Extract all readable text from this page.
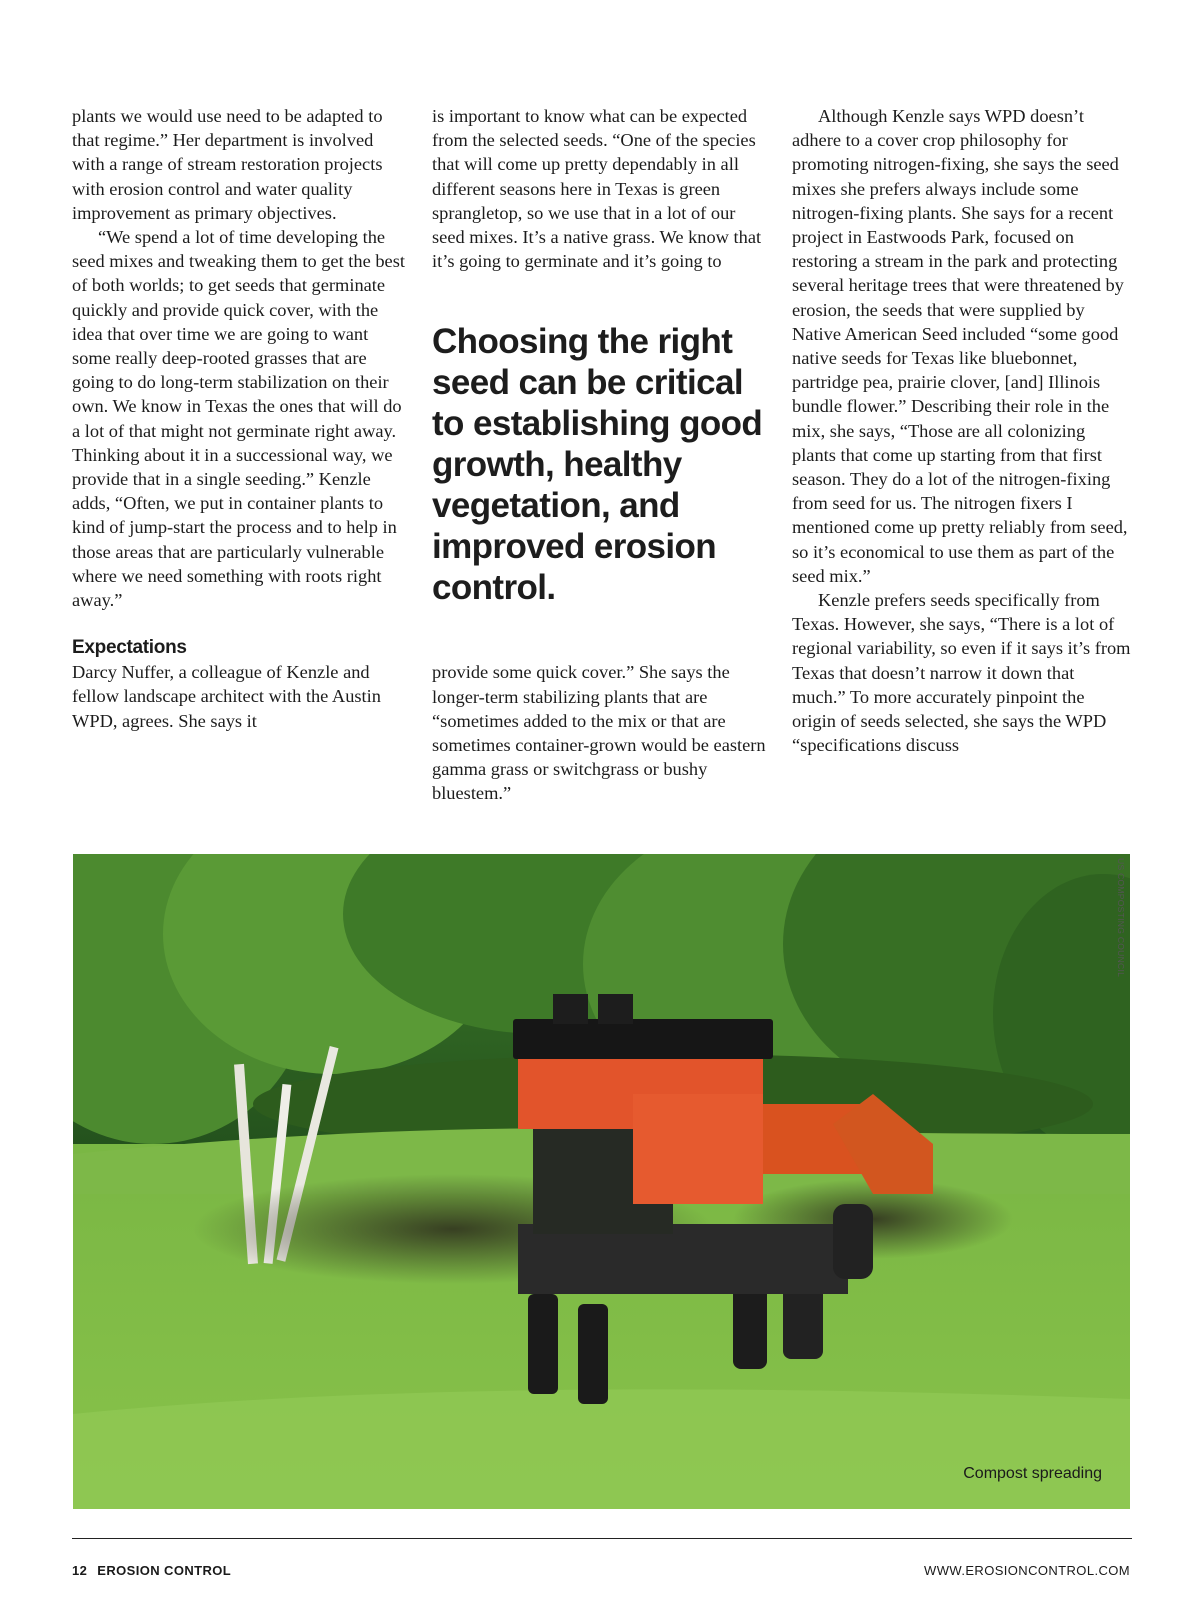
plants we would use need to be adapted to that regime.” Her department is involved with a range of stream restoration projects with erosion control and water quality improvement as primary objectives.

“We spend a lot of time developing the seed mixes and tweaking them to get the best of both worlds; to get seeds that germinate quickly and provide quick cover, with the idea that over time we are going to want some really deep-rooted grasses that are going to do long-term stabilization on their own. We know in Texas the ones that will do a lot of that might not germinate right away. Thinking about it in a successional way, we provide that in a single seeding.” Kenzle adds, “Often, we put in container plants to kind of jump-start the process and to help in those areas that are particularly vulnerable where we need something with roots right away.”

Expectations

Darcy Nuffer, a colleague of Kenzle and fellow landscape architect with the Austin WPD, agrees. She says it

is important to know what can be expected from the selected seeds. “One of the species that will come up pretty dependably in all different seasons here in Texas is green sprangletop, so we use that in a lot of our seed mixes. It’s a native grass. We know that it’s going to germinate and it’s going to

Choosing the right seed can be critical to establishing good growth, healthy vegetation, and improved erosion control.

provide some quick cover.” She says the longer-term stabilizing plants that are “sometimes added to the mix or that are sometimes container-grown would be eastern gamma grass or switchgrass or bushy bluestem.”

Although Kenzle says WPD doesn’t adhere to a cover crop philosophy for promoting nitrogen-fixing, she says the seed mixes she prefers always include some nitrogen-fixing plants. She says for a recent project in Eastwoods Park, focused on restoring a stream in the park and protecting several heritage trees that were threatened by erosion, the seeds that were supplied by Native American Seed included “some good native seeds for Texas like bluebonnet, partridge pea, prairie clover, [and] Illinois bundle flower.” Describing their role in the mix, she says, “Those are all colonizing plants that come up starting from that first season. They do a lot of the nitrogen-fixing from seed for us. The nitrogen fixers I mentioned come up pretty reliably from seed, so it’s economical to use them as part of the seed mix.”

Kenzle prefers seeds specifically from Texas. However, she says, “There is a lot of regional variability, so even if it says it’s from Texas that doesn’t narrow it down that much.” To more accurately pinpoint the origin of seeds selected, she says the WPD “specifications discuss

Compost spreading
US COMPOSTING COUNCIL
12 EROSION CONTROL	WWW.EROSIONCONTROL.COM
